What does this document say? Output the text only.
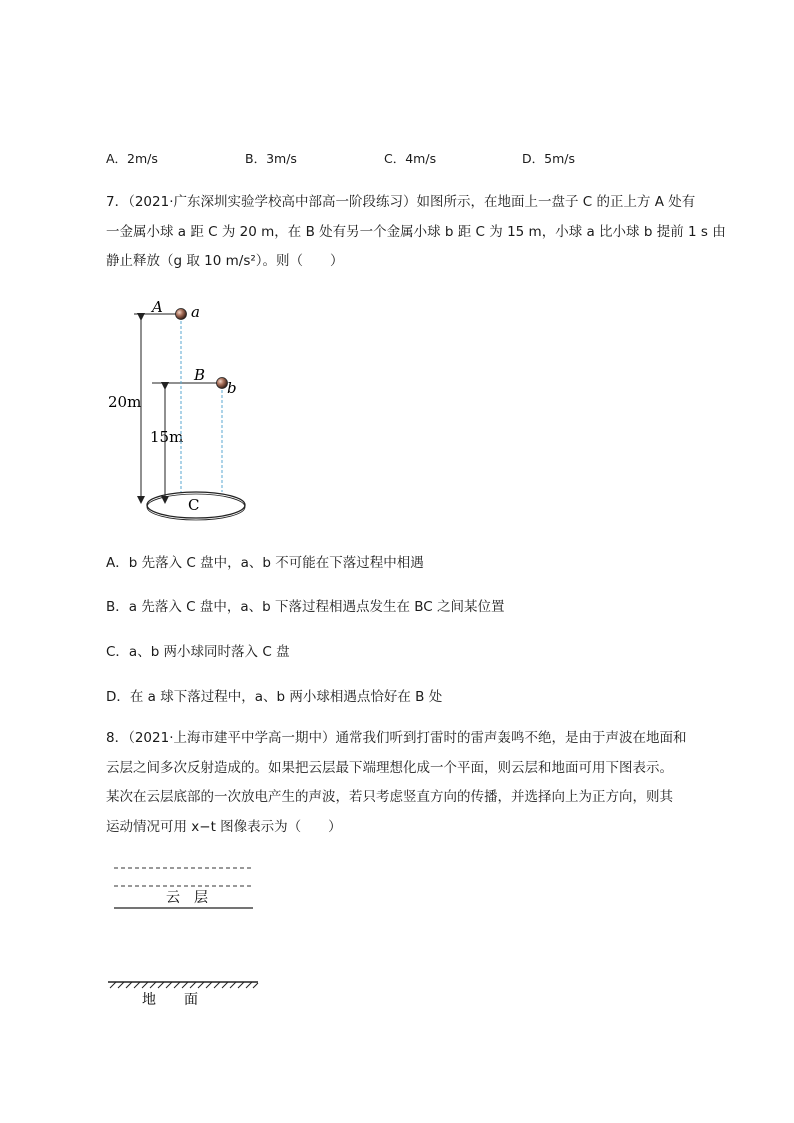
A．2m/s	B．3m/s	C．4m/s	D．5m/s
7．（2021·广东深圳实验学校高中部高一阶段练习）如图所示，在地面上一盘子 C 的正上方 A 处有
一金属小球 a 距 C 为 20 m，在 B 处有另一个金属小球 b 距 C 为 15 m，小球 a 比小球 b 提前 1 s 由
静止释放（g 取 10 m/s²）。则（　　）
C
20m
15m
A
B
a
b
A．b 先落入 C 盘中，a、b 不可能在下落过程中相遇
B．a 先落入 C 盘中，a、b 下落过程相遇点发生在 BC 之间某位置
C．a、b 两小球同时落入 C 盘
D．在 a 球下落过程中，a、b 两小球相遇点恰好在 B 处
8．（2021·上海市建平中学高一期中）通常我们听到打雷时的雷声轰鸣不绝，是由于声波在地面和
云层之间多次反射造成的。如果把云层最下端理想化成一个平面，则云层和地面可用下图表示。
某次在云层底部的一次放电产生的声波，若只考虑竖直方向的传播，并选择向上为正方向，则其
运动情况可用 x−t 图像表示为（　　）
云　层
地　　面
